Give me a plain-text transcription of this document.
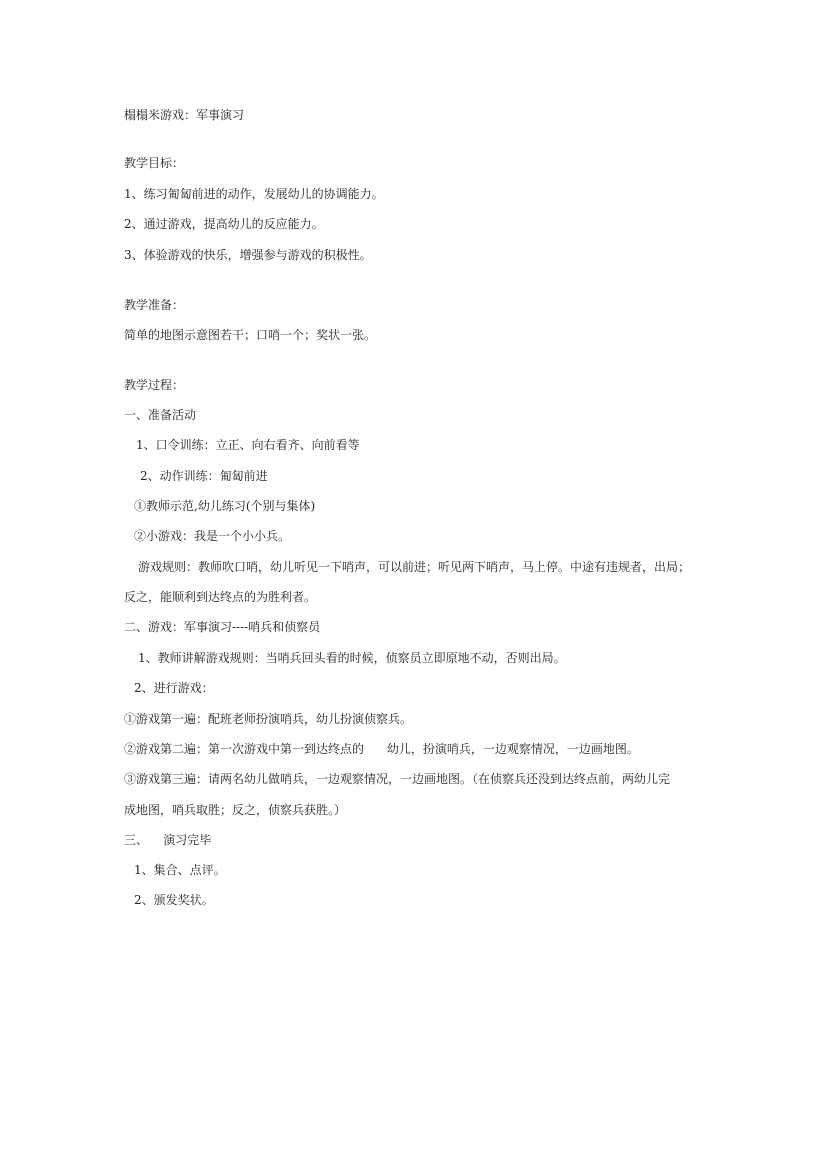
榻榻米游戏：军事演习
教学目标：
1、练习匍匐前进的动作，发展幼儿的协调能力。
2、通过游戏，提高幼儿的反应能力。
3、体验游戏的快乐，增强参与游戏的积极性。
教学准备：
简单的地图示意图若干；口哨一个；奖状一张。
教学过程：
一、准备活动
1、口令训练：立正、向右看齐、向前看等
2、动作训练：匍匐前进
①教师示范,幼儿练习(个别与集体)
②小游戏：我是一个小小兵。
游戏规则：教师吹口哨，幼儿听见一下哨声，可以前进；听见两下哨声，马上停。中途有违规者，出局；
反之，能顺利到达终点的为胜利者。
二、游戏：军事演习----哨兵和侦察员
1、教师讲解游戏规则：当哨兵回头看的时候，侦察员立即原地不动，否则出局。
2、进行游戏：
①游戏第一遍：配班老师扮演哨兵，幼儿扮演侦察兵。
②游戏第二遍：第一次游戏中第一到达终点的      幼儿，扮演哨兵，一边观察情况，一边画地图。
③游戏第三遍：请两名幼儿做哨兵，一边观察情况，一边画地图。（在侦察兵还没到达终点前，两幼儿完
成地图，哨兵取胜；反之，侦察兵获胜。）
三、    演习完毕
1、集合、点评。
2、颁发奖状。
